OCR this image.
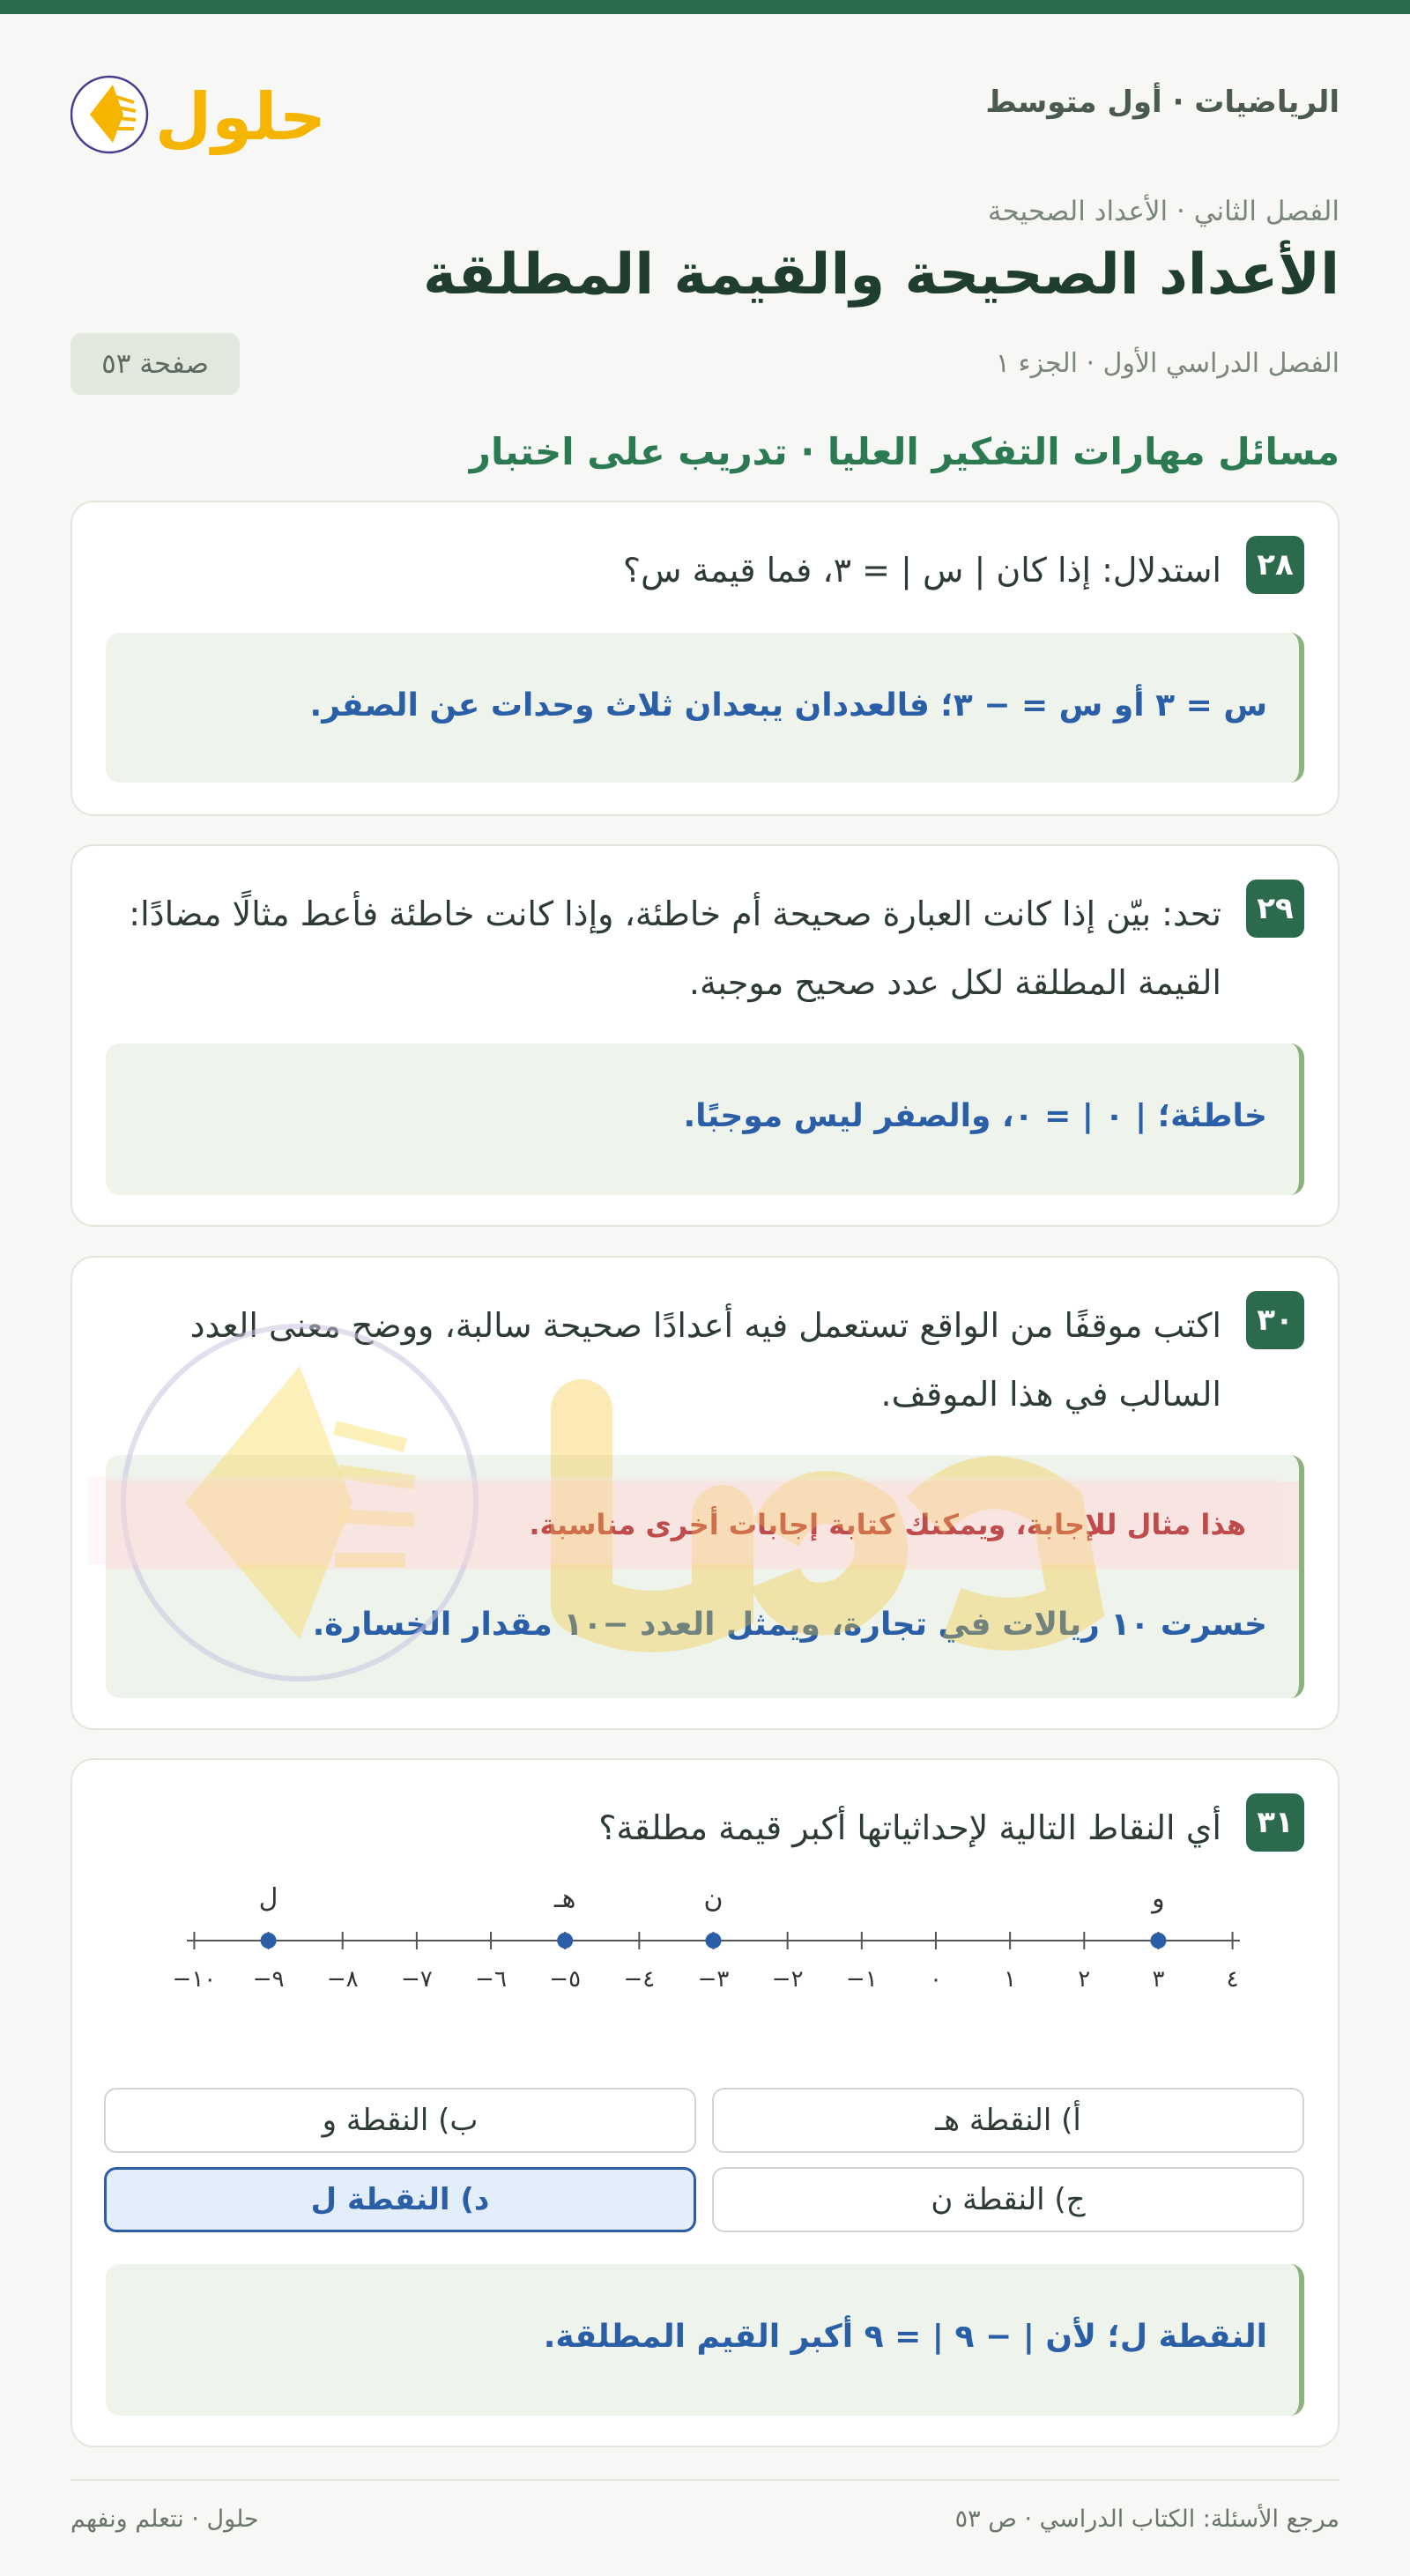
الرياضيات · أول متوسط
حلول
الفصل الثاني · الأعداد الصحيحة
الأعداد الصحيحة والقيمة المطلقة
الفصل الدراسي الأول · الجزء ١
صفحة ٥٣
مسائل مهارات التفكير العليا · تدريب على اختبار
٢٨
استدلال: إذا كان | س | = ٣، فما قيمة س؟
س = ٣ أو س = − ٣؛ فالعددان يبعدان ثلاث وحدات عن الصفر.
٢٩
تحد: بيّن إذا كانت العبارة صحيحة أم خاطئة، وإذا كانت خاطئة فأعط مثالًا مضادًا: القيمة المطلقة لكل عدد صحيح موجبة.
خاطئة؛ | ٠ | = ٠، والصفر ليس موجبًا.
٣٠
اكتب موقفًا من الواقع تستعمل فيه أعدادًا صحيحة سالبة، ووضح معنى العدد السالب في هذا الموقف.
هذا مثال للإجابة، ويمكنك كتابة إجابات أخرى مناسبة.
خسرت ١٠ ريالات في تجارة، ويمثل العدد −١٠ مقدار الخسارة.
٣١
أي النقاط التالية لإحداثياتها أكبر قيمة مطلقة؟
−١٠ −٩ −٨ −٧ −٦ −٥ −٤ −٣ −٢ −١ ٠	١	٢	٣	٤
ل	هـ	ن	و
أ) النقطة هـ
ب) النقطة و
ج) النقطة ن
د) النقطة ل
النقطة ل؛ لأن | − ٩ | = ٩ أكبر القيم المطلقة.
مرجع الأسئلة: الكتاب الدراسي · ص ٥٣
حلول · نتعلم ونفهم
